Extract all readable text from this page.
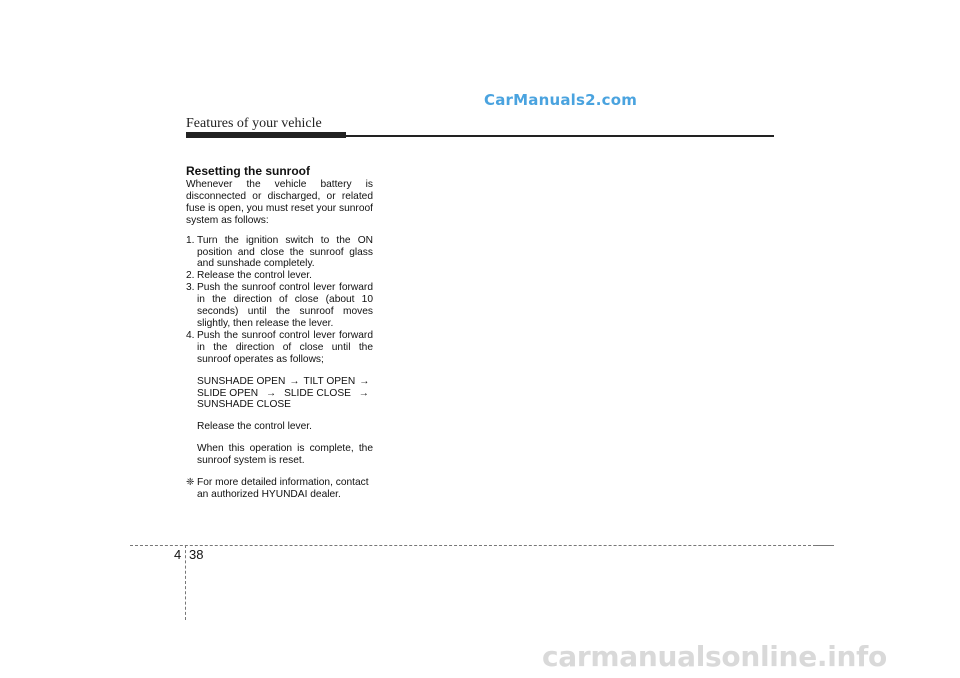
Features of your vehicle
CarManuals2.com
Resetting the sunroof

Whenever the vehicle battery is disconnected or discharged, or related fuse is open, you must reset your sunroof system as follows:

1. Turn the ignition switch to the ON position and close the sunroof glass and sunshade completely.
2. Release the control lever.
3. Push the sunroof control lever forward in the direction of close (about 10 seconds) until the sunroof moves slightly, then release the lever.
4. Push the sunroof control lever forward in the direction of close until the sunroof operates as follows;
SUNSHADE OPEN → TILT OPEN →
SLIDE OPEN → SLIDE CLOSE →
SUNSHADE CLOSE
Release the control lever.
When this operation is complete, the sunroof system is reset.
❈ For more detailed information, contact an authorized HYUNDAI dealer.
4 38
carmanualsonline.info
